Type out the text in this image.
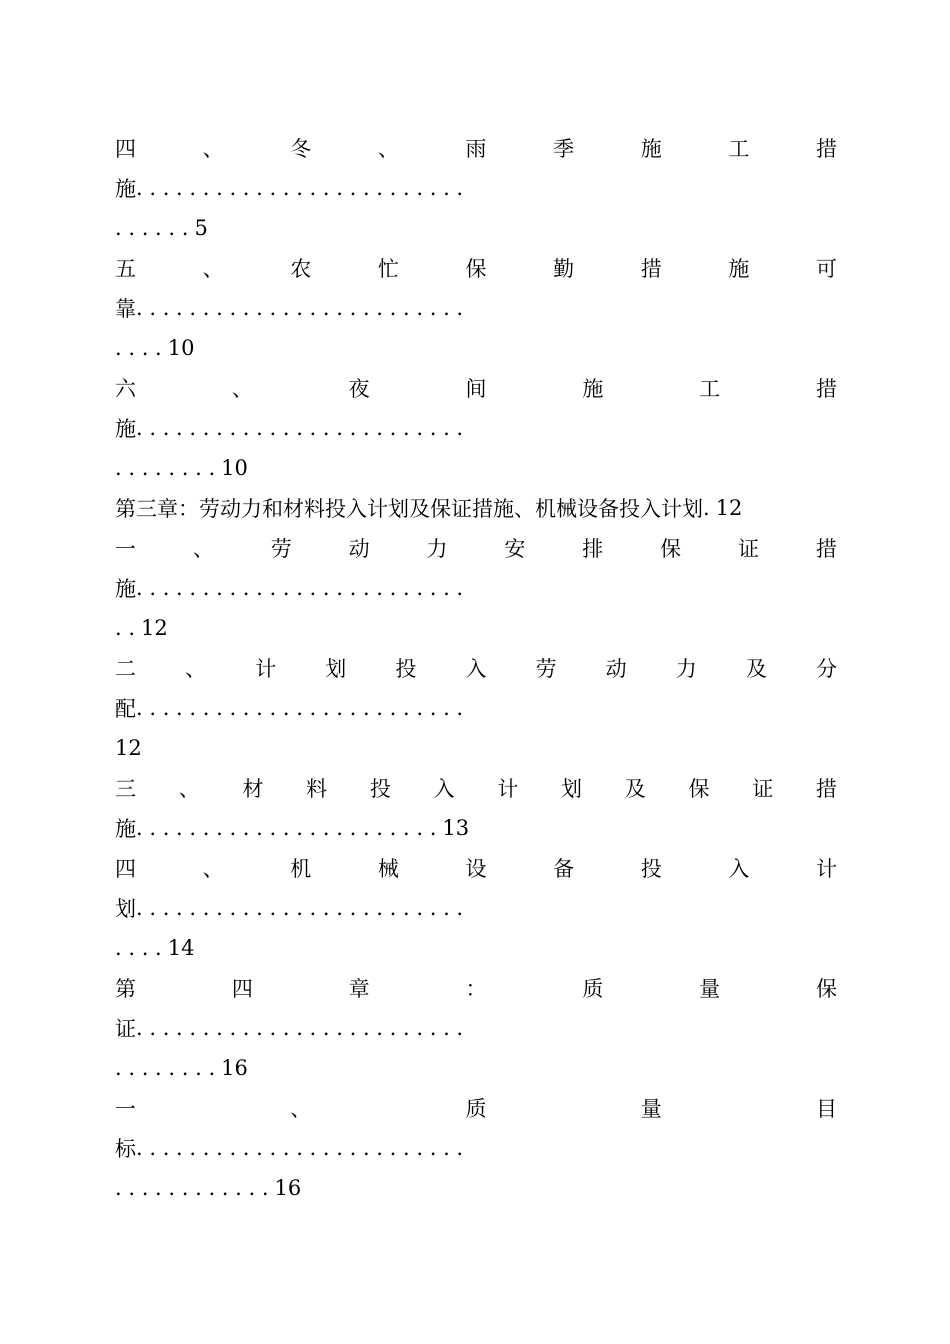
四	、	冬	、	雨	季	施	工	措
施 . . . . . . . . . . . . . . . . . . . . . . . . .
. . . . . . 5
五	、	农	忙	保	勤	措	施	可
靠 . . . . . . . . . . . . . . . . . . . . . . . . .
. . . . 10
六	、	夜	间	施	工	措
施 . . . . . . . . . . . . . . . . . . . . . . . . .
. . . . . . . . 10
第三章：劳动力和材料投入计划及保证措施、机械设备投入计划 . 12
一	、	劳	动	力	安	排	保	证	措
施 . . . . . . . . . . . . . . . . . . . . . . . . .
. . 12
二 、 计 划 投 入 劳 动 力 及 分
配 . . . . . . . . . . . . . . . . . . . . . . . . .
12
三 、 材 料 投 入 计 划 及 保 证 措
施 . . . . . . . . . . . . . . . . . . . . . . . 13
四	、	机	械	设	备	投	入	计
划 . . . . . . . . . . . . . . . . . . . . . . . . .
. . . . 14
第	四	章	：	质	量	保
证 . . . . . . . . . . . . . . . . . . . . . . . . .
. . . . . . . . 16
一	、	质	量	目
标 . . . . . . . . . . . . . . . . . . . . . . . . .
. . . . . . . . . . . . 16
